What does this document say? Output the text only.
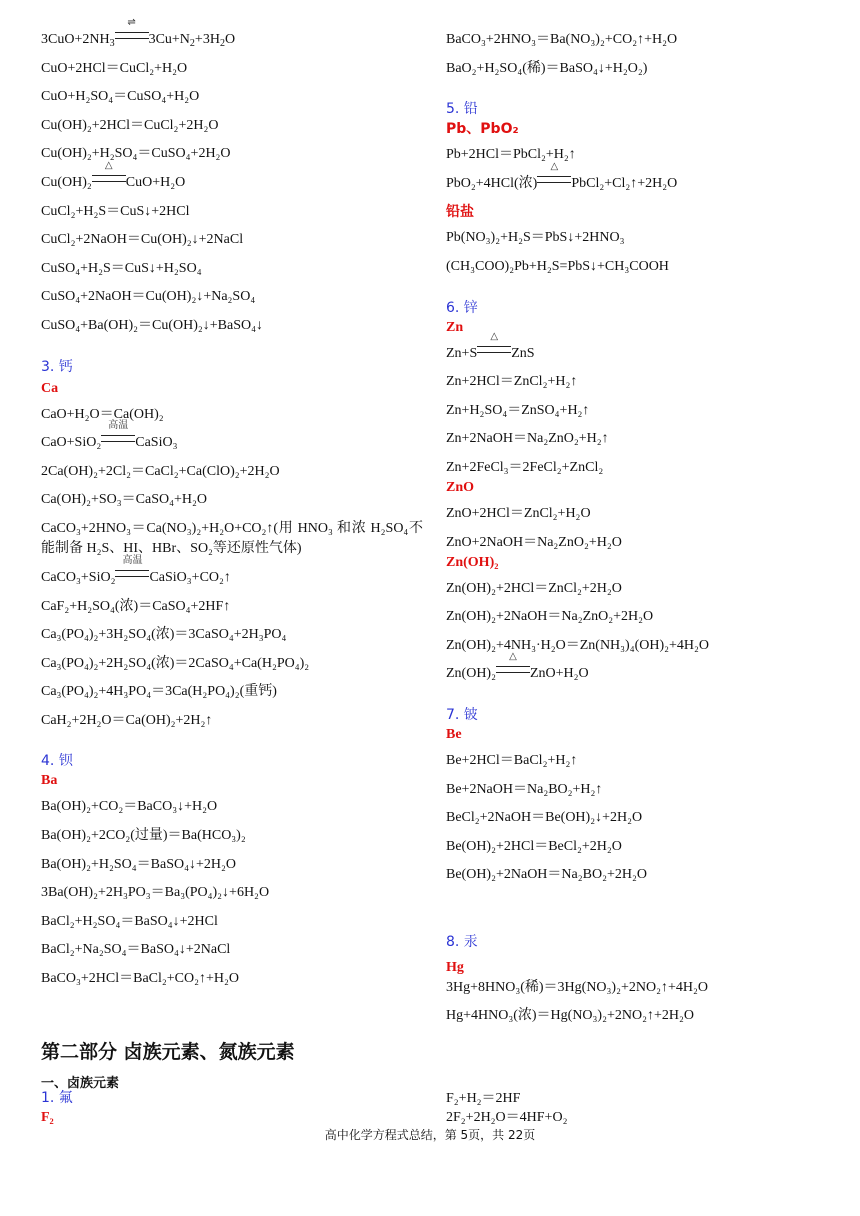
$3CuO+2NH_3$
⇌
$3Cu+N_2+3H_2O$

CuO+2HCl＝CuCl₂+H₂O

CuO+H₂SO₄＝CuSO₄+H₂O

Cu(OH)₂+2HCl＝CuCl₂+2H₂O

Cu(OH)₂+H₂SO₄＝CuSO₄+2H₂O

Cu(OH)₂
△
CuO+H₂O

CuCl₂+H₂S＝CuS↓+2HCl

CuCl₂+2NaOH＝Cu(OH)₂↓+2NaCl

CuSO₄+H₂S＝CuS↓+H₂SO₄

CuSO₄+2NaOH＝Cu(OH)₂↓+Na₂SO₄

CuSO₄+Ba(OH)₂＝Cu(OH)₂↓+BaSO₄↓

3. 钙

Ca

CaO+H₂O＝Ca(OH)₂

CaO+SiO₂
高温
CaSiO₃

2Ca(OH)₂+2Cl₂＝CaCl₂+Ca(ClO)₂+2H₂O

Ca(OH)₂+SO₃＝CaSO₄+H₂O

CaCO₃+2HNO₃＝Ca(NO₃)₂+H₂O+CO₂↑(用 HNO₃ 和浓 H₂SO₄不能制备 H₂S、HI、HBr、SO₂等还原性气体)

CaCO₃+SiO₂
高温
CaSiO₃+CO₂↑

CaF₂+H₂SO₄(浓)＝CaSO₄+2HF↑

Ca₃(PO₄)₂+3H₂SO₄(浓)＝3CaSO₄+2H₃PO₄

Ca₃(PO₄)₂+2H₂SO₄(浓)＝2CaSO₄+Ca(H₂PO₄)₂

Ca₃(PO₄)₂+4H₃PO₄＝3Ca(H₂PO₄)₂(重钙)

CaH₂+2H₂O＝Ca(OH)₂+2H₂↑

4. 钡

Ba

Ba(OH)₂+CO₂＝BaCO₃↓+H₂O

Ba(OH)₂+2CO₂(过量)＝Ba(HCO₃)₂

Ba(OH)₂+H₂SO₄＝BaSO₄↓+2H₂O

3Ba(OH)₂+2H₃PO₃＝Ba₃(PO₄)₂↓+6H₂O

BaCl₂+H₂SO₄＝BaSO₄↓+2HCl

BaCl₂+Na₂SO₄＝BaSO₄↓+2NaCl

BaCO₃+2HCl＝BaCl₂+CO₂↑+H₂O

BaCO₃+2HNO₃＝Ba(NO₃)₂+CO₂↑+H₂O

BaO₂+H₂SO₄(稀)＝BaSO₄↓+H₂O₂)

5. 铅

Pb、PbO₂

Pb+2HCl＝PbCl₂+H₂↑

PbO₂+4HCl(浓)
△
PbCl₂+Cl₂↑+2H₂O

铅盐

Pb(NO₃)₂+H₂S＝PbS↓+2HNO₃

(CH₃COO)₂Pb+H₂S=PbS↓+CH₃COOH

6. 锌

Zn

Zn+S
△
ZnS

Zn+2HCl＝ZnCl₂+H₂↑

Zn+H₂SO₄＝ZnSO₄+H₂↑

Zn+2NaOH＝Na₂ZnO₂+H₂↑

Zn+2FeCl₃＝2FeCl₂+ZnCl₂

ZnO

ZnO+2HCl＝ZnCl₂+H₂O

ZnO+2NaOH＝Na₂ZnO₂+H₂O

Zn(OH)₂

Zn(OH)₂+2HCl＝ZnCl₂+2H₂O

Zn(OH)₂+2NaOH＝Na₂ZnO₂+2H₂O

Zn(OH)₂+4NH₃·H₂O＝Zn(NH₃)₄(OH)₂+4H₂O

Zn(OH)₂
△
ZnO+H₂O

7. 铍

Be

Be+2HCl＝BaCl₂+H₂↑

Be+2NaOH＝Na₂BO₂+H₂↑

BeCl₂+2NaOH＝Be(OH)₂↓+2H₂O

Be(OH)₂+2HCl＝BeCl₂+2H₂O

Be(OH)₂+2NaOH＝Na₂BO₂+2H₂O

8. 汞

Hg

3Hg+8HNO₃(稀)＝3Hg(NO₃)₂+2NO₂↑+4H₂O

Hg+4HNO₃(浓)＝Hg(NO₃)₂+2NO₂↑+2H₂O

第二部分 卤族元素、氮族元素

一、卤族元素

1. 氟

F₂

F₂+H₂＝2HF

2F₂+2H₂O＝4HF+O₂

高中化学方程式总结，第 5页，共 22页
